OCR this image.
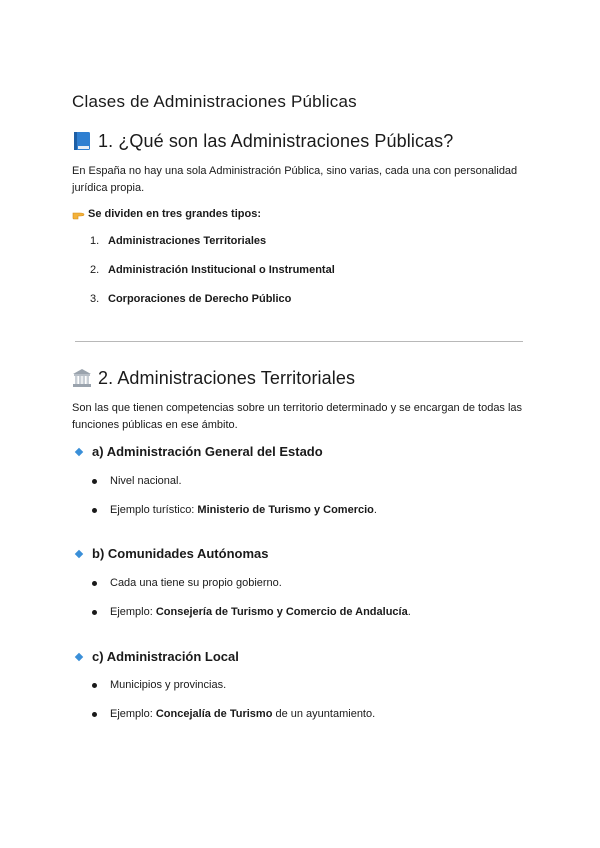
Clases de Administraciones Públicas
1. ¿Qué son las Administraciones Públicas?
En España no hay una sola Administración Pública, sino varias, cada una con personalidad jurídica propia.
Se dividen en tres grandes tipos:
1. Administraciones Territoriales
2. Administración Institucional o Instrumental
3. Corporaciones de Derecho Público
2. Administraciones Territoriales
Son las que tienen competencias sobre un territorio determinado y se encargan de todas las funciones públicas en ese ámbito.
a) Administración General del Estado
Nivel nacional.
Ejemplo turístico: Ministerio de Turismo y Comercio .
b) Comunidades Autónomas
Cada una tiene su propio gobierno.
Ejemplo: Consejería de Turismo y Comercio de Andalucía .
c) Administración Local
Municipios y provincias.
Ejemplo: Concejalía de Turismo de un ayuntamiento.
